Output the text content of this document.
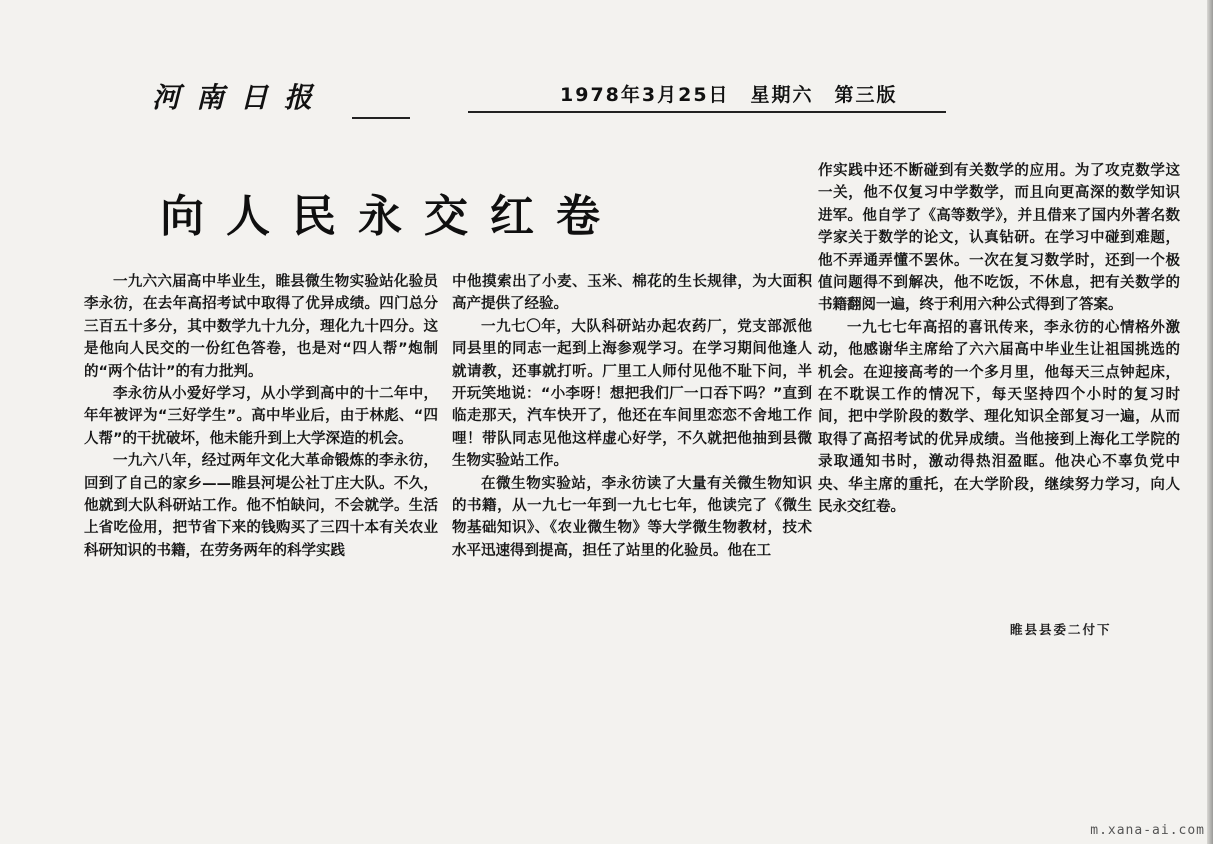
河南日报	1978年3月25日　星期六　第三版
向人民永交红卷

一九六六届高中毕业生，睢县微生物实验站化验员李永彷，在去年高招考试中取得了优异成绩。四门总分三百五十多分，其中数学九十九分，理化九十四分。这是他向人民交的一份红色答卷，也是对“四人帮”炮制的“两个估计”的有力批判。

李永彷从小爱好学习，从小学到高中的十二年中，年年被评为“三好学生”。高中毕业后，由于林彪、“四人帮”的干扰破坏，他未能升到上大学深造的机会。

一九六八年，经过两年文化大革命锻炼的李永彷，回到了自己的家乡——睢县河堤公社丁庄大队。不久，他就到大队科研站工作。他不怕缺问，不会就学。生活上省吃俭用，把节省下来的钱购买了三四十本有关农业科研知识的书籍，在劳务两年的科学实践

中他摸索出了小麦、玉米、棉花的生长规律，为大面积高产提供了经验。

一九七〇年，大队科研站办起农药厂，党支部派他同县里的同志一起到上海参观学习。在学习期间他逢人就请教，还事就打听。厂里工人师付见他不耻下问，半开玩笑地说：“小李呀！想把我们厂一口吞下吗？”直到临走那天，汽车快开了，他还在车间里恋恋不舍地工作哩！带队同志见他这样虚心好学，不久就把他抽到县微生物实验站工作。

在微生物实验站，李永彷读了大量有关微生物知识的书籍，从一九七一年到一九七七年，他读完了《微生物基础知识》、《农业微生物》等大学微生物教材，技术水平迅速得到提高，担任了站里的化验员。他在工

作实践中还不断碰到有关数学的应用。为了攻克数学这一关，他不仅复习中学数学，而且向更高深的数学知识进军。他自学了《高等数学》，并且借来了国内外著名数学家关于数学的论文，认真钻研。在学习中碰到难题，他不弄通弄懂不罢休。一次在复习数学时，还到一个极值问题得不到解决，他不吃饭，不休息，把有关数学的书籍翻阅一遍，终于利用六种公式得到了答案。

一九七七年高招的喜讯传来，李永彷的心情格外激动，他感谢华主席给了六六届高中毕业生让祖国挑选的机会。在迎接高考的一个多月里，他每天三点钟起床，在不耽误工作的情况下，每天坚持四个小时的复习时间，把中学阶段的数学、理化知识全部复习一遍，从而取得了高招考试的优异成绩。当他接到上海化工学院的录取通知书时，激动得热泪盈眶。他决心不辜负党中央、华主席的重托，在大学阶段，继续努力学习，向人民永交红卷。

睢县县委二付下
m.xana-ai.com
